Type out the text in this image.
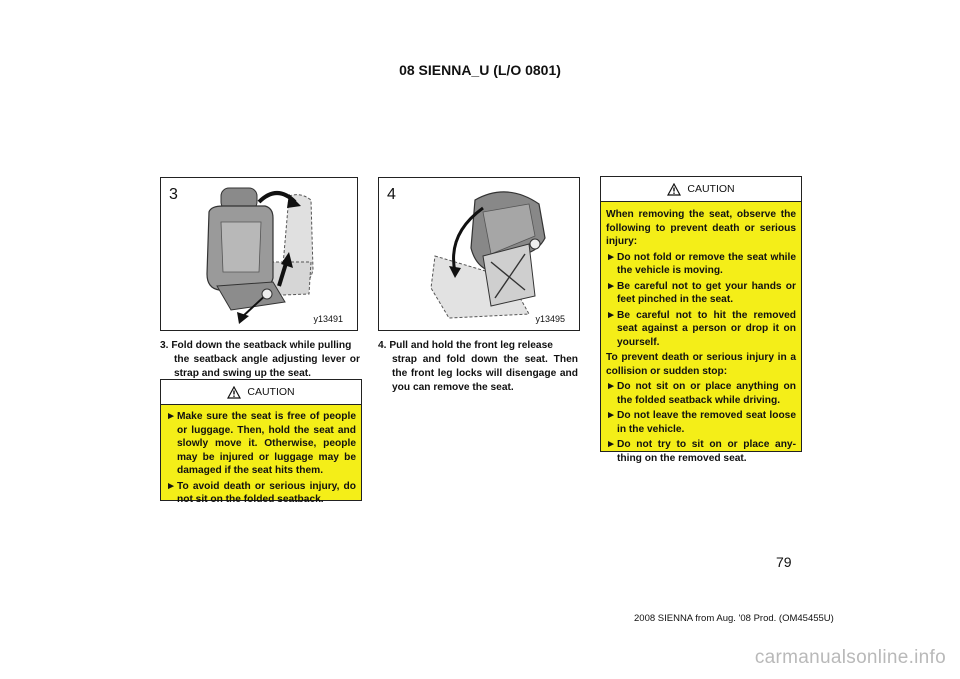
08 SIENNA_U (L/O 0801)
3
y13491
4
y13495
3. Fold down the seatback while pulling
the seatback angle adjusting lever or strap and swing up the seat.
4. Pull and hold the front leg release
strap and fold down the seat. Then the front leg locks will disengage and you can remove the seat.
CAUTION
► Make sure the seat is free of people or luggage. Then, hold the seat and slowly move it. Otherwise, people may be injured or luggage may be damaged if the seat hits them.
► To avoid death or serious injury, do not sit on the folded seatback.
CAUTION
When removing the seat, observe the following to prevent death or serious injury:
► Do not fold or remove the seat while the vehicle is moving.
► Be careful not to get your hands or feet pinched in the seat.
► Be careful not to hit the removed seat against a person or drop it on yourself.
To prevent death or serious injury in a collision or sudden stop:
► Do not sit on or place anything on the folded seatback while driving.
► Do not leave the removed seat loose in the vehicle.
► Do not try to sit on or place any- thing on the removed seat.
79
2008 SIENNA from Aug. '08 Prod. (OM45455U)
carmanualsonline.info
